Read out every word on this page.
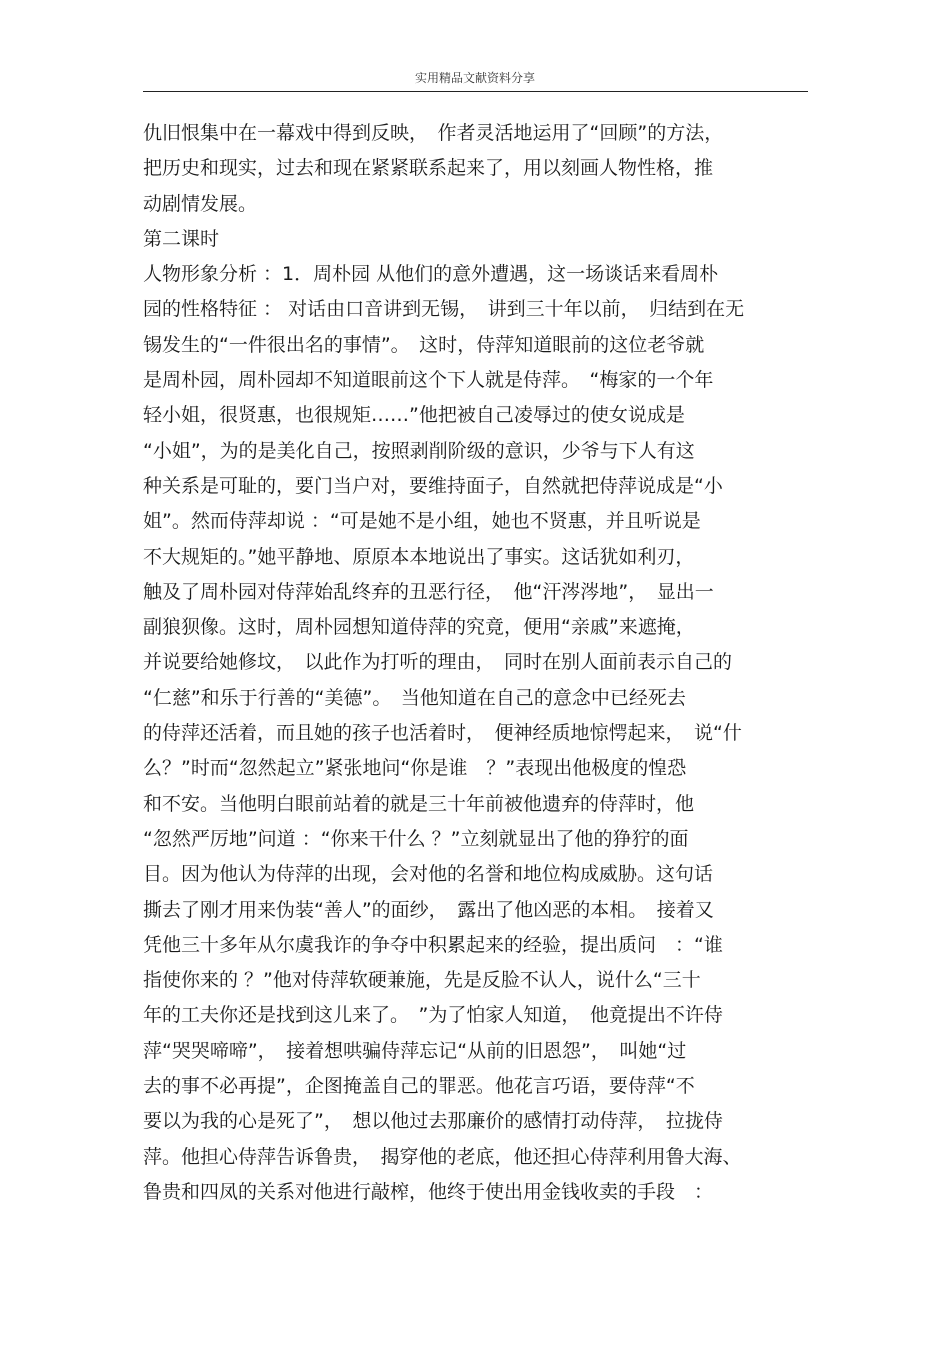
实用精品文献资料分享
仇旧恨集中在一幕戏中得到反映，　作者灵活地运用了“回顾”的方法，
把历史和现实，过去和现在紧紧联系起来了，用以刻画人物性格，推
动剧情发展。
第二课时
人物形象分析 ：1．周朴园 从他们的意外遭遇，这一场谈话来看周朴
园的性格特征 ： 对话由口音讲到无锡，　讲到三十年以前，　归结到在无
锡发生的“一件很出名的事情”。　这时，侍萍知道眼前的这位老爷就
是周朴园，周朴园却不知道眼前这个下人就是侍萍。　“梅家的一个年
轻小姐，很贤惠，也很规矩……”他把被自己凌辱过的使女说成是
“小姐”，为的是美化自己，按照剥削阶级的意识，少爷与下人有这
种关系是可耻的，要门当户对，要维持面子，自然就把侍萍说成是“小
姐”。然而侍萍却说 ：“可是她不是小组，她也不贤惠，并且听说是
不大规矩的。”她平静地、原原本本地说出了事实。这话犹如利刃，
触及了周朴园对侍萍始乱终弃的丑恶行径，　他“汗涔涔地”，　显出一
副狼狈像。这时，周朴园想知道侍萍的究竟，便用“亲戚”来遮掩，
并说要给她修坟，　以此作为打听的理由，　同时在别人面前表示自己的
“仁慈”和乐于行善的“美德”。　当他知道在自己的意念中已经死去
的侍萍还活着，而且她的孩子也活着时，　便神经质地惊愕起来，　说“什
么？”时而“忽然起立”紧张地问“你是谁　？”表现出他极度的惶恐
和不安。当他明白眼前站着的就是三十年前被他遗弃的侍萍时，他
“忽然严厉地”问道 ：“你来干什么 ？”立刻就显出了他的狰狞的面
目。因为他认为侍萍的出现，会对他的名誉和地位构成威胁。这句话
撕去了刚才用来伪装“善人”的面纱，　露出了他凶恶的本相。　接着又
凭他三十多年从尔虞我诈的争夺中积累起来的经验，提出质问　：“谁
指使你来的 ？”他对侍萍软硬兼施，先是反脸不认人，说什么“三十
年的工夫你还是找到这儿来了。　”为了怕家人知道，　他竟提出不许侍
萍“哭哭啼啼”，　接着想哄骗侍萍忘记“从前的旧恩怨”，　叫她“过
去的事不必再提”，企图掩盖自己的罪恶。他花言巧语，要侍萍“不
要以为我的心是死了”，　想以他过去那廉价的感情打动侍萍，　拉拢侍
萍。他担心侍萍告诉鲁贵，　揭穿他的老底，他还担心侍萍利用鲁大海、
鲁贵和四凤的关系对他进行敲榨，他终于使出用金钱收卖的手段　：
